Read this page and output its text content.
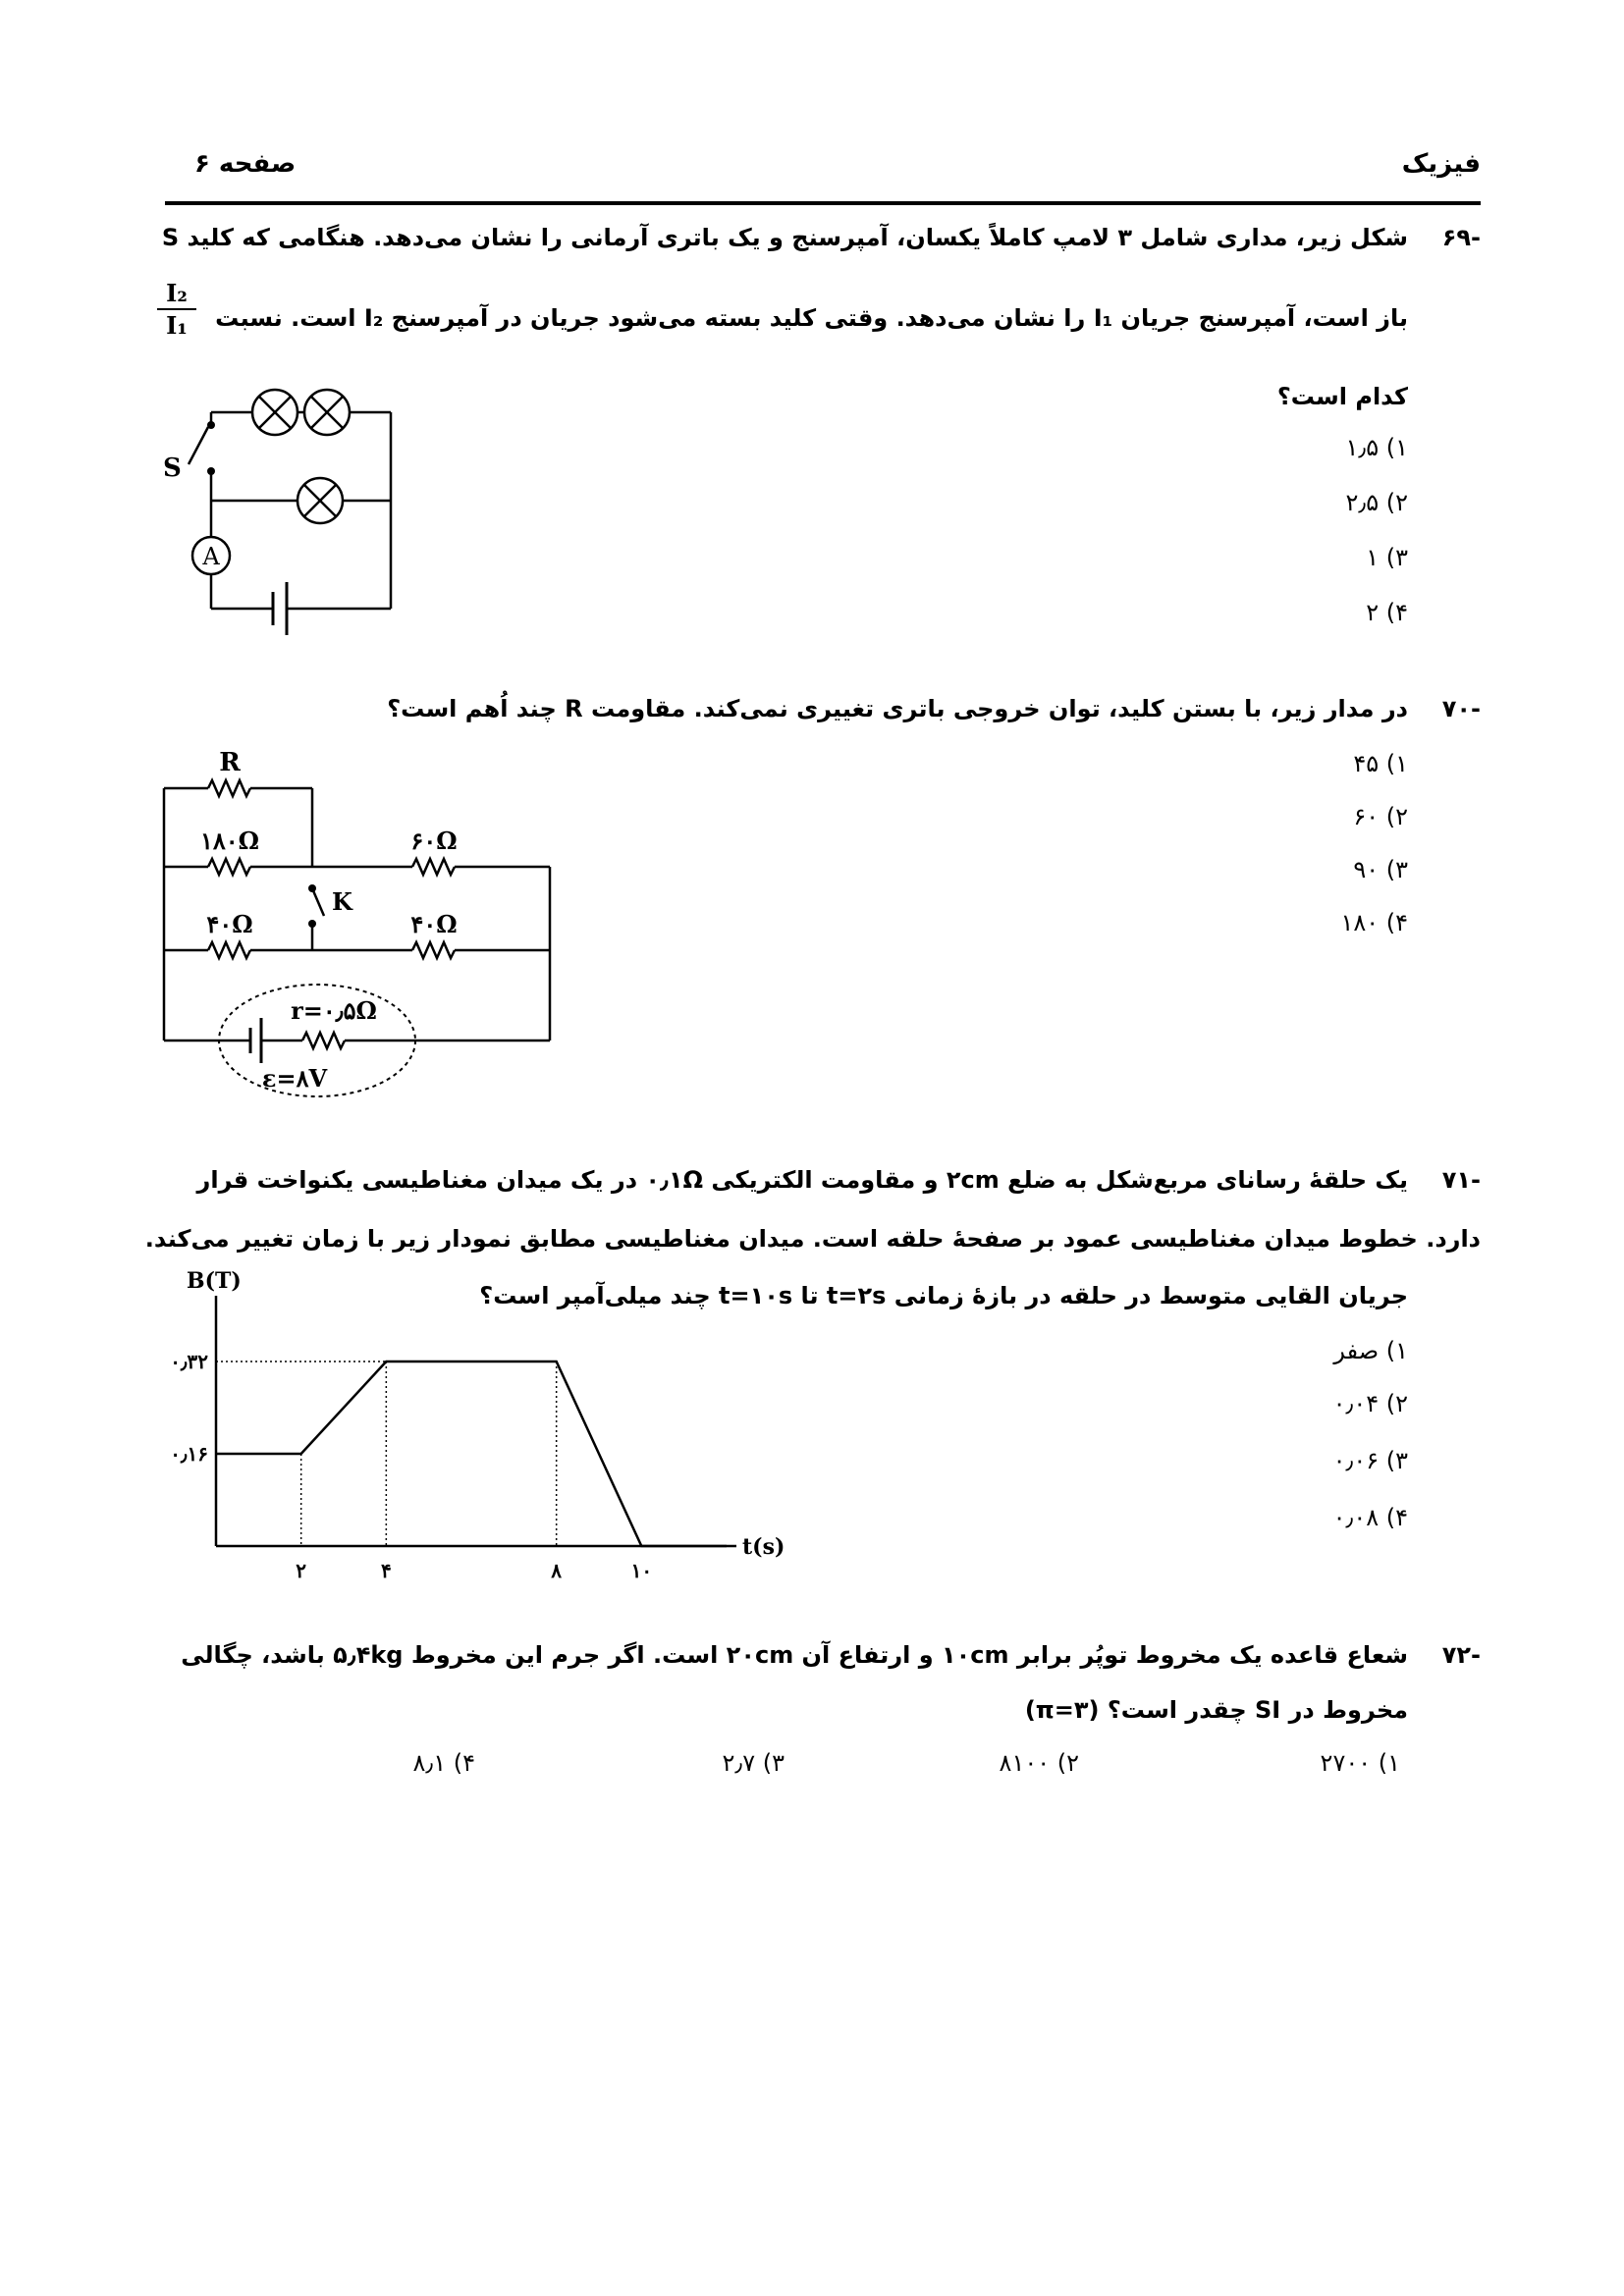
فیزیک
صفحه ۶
-۶۹
شکل زیر، مداری شامل ۳ لامپ کاملاً یکسان، آمپرسنج و یک باتری آرمانی را نشان می‌دهد. هنگامی که کلید S
باز است، آمپرسنج جریان I₁ را نشان می‌دهد. وقتی کلید بسته می‌شود جریان در آمپرسنج I₂ است. نسبت
I₂
I₁
کدام است؟
۱) ۱٫۵
۲) ۲٫۵
۳) ۱
۴) ۲
A
S
-۷۰
در مدار زیر، با بستن کلید، توان خروجی باتری تغییری نمی‌کند. مقاومت R چند اُهم است؟
۱) ۴۵
۲) ۶۰
۳) ۹۰
۴) ۱۸۰
R
۱۸۰Ω	۶۰Ω
۴۰Ω	۴۰Ω
K
r=۰٫۵Ω
ε=۸V
-۷۱
یک حلقهٔ رسانای مربع‌شکل به ضلع ۲cm و مقاومت الکتریکی ۰٫۱Ω در یک میدان مغناطیسی یکنواخت قرار
دارد. خطوط میدان مغناطیسی عمود بر صفحهٔ حلقه است. میدان مغناطیسی مطابق نمودار زیر با زمان تغییر می‌کند.
جریان القایی متوسط در حلقه در بازهٔ زمانی t=۲s تا t=۱۰s چند میلی‌آمپر است؟
۱) صفر
۲) ۰٫۰۴
۳) ۰٫۰۶
۴) ۰٫۰۸
B(T)
t(s)
۰٫۱۶
۰٫۳۲
۲	۴	۸	۱۰
-۷۲
شعاع قاعده یک مخروط توپُر برابر ۱۰cm و ارتفاع آن ۲۰cm است. اگر جرم این مخروط ۵٫۴kg باشد، چگالی
مخروط در SI چقدر است؟ (π=۳)
۱) ۲۷۰۰
۲) ۸۱۰۰
۳) ۲٫۷
۴) ۸٫۱
